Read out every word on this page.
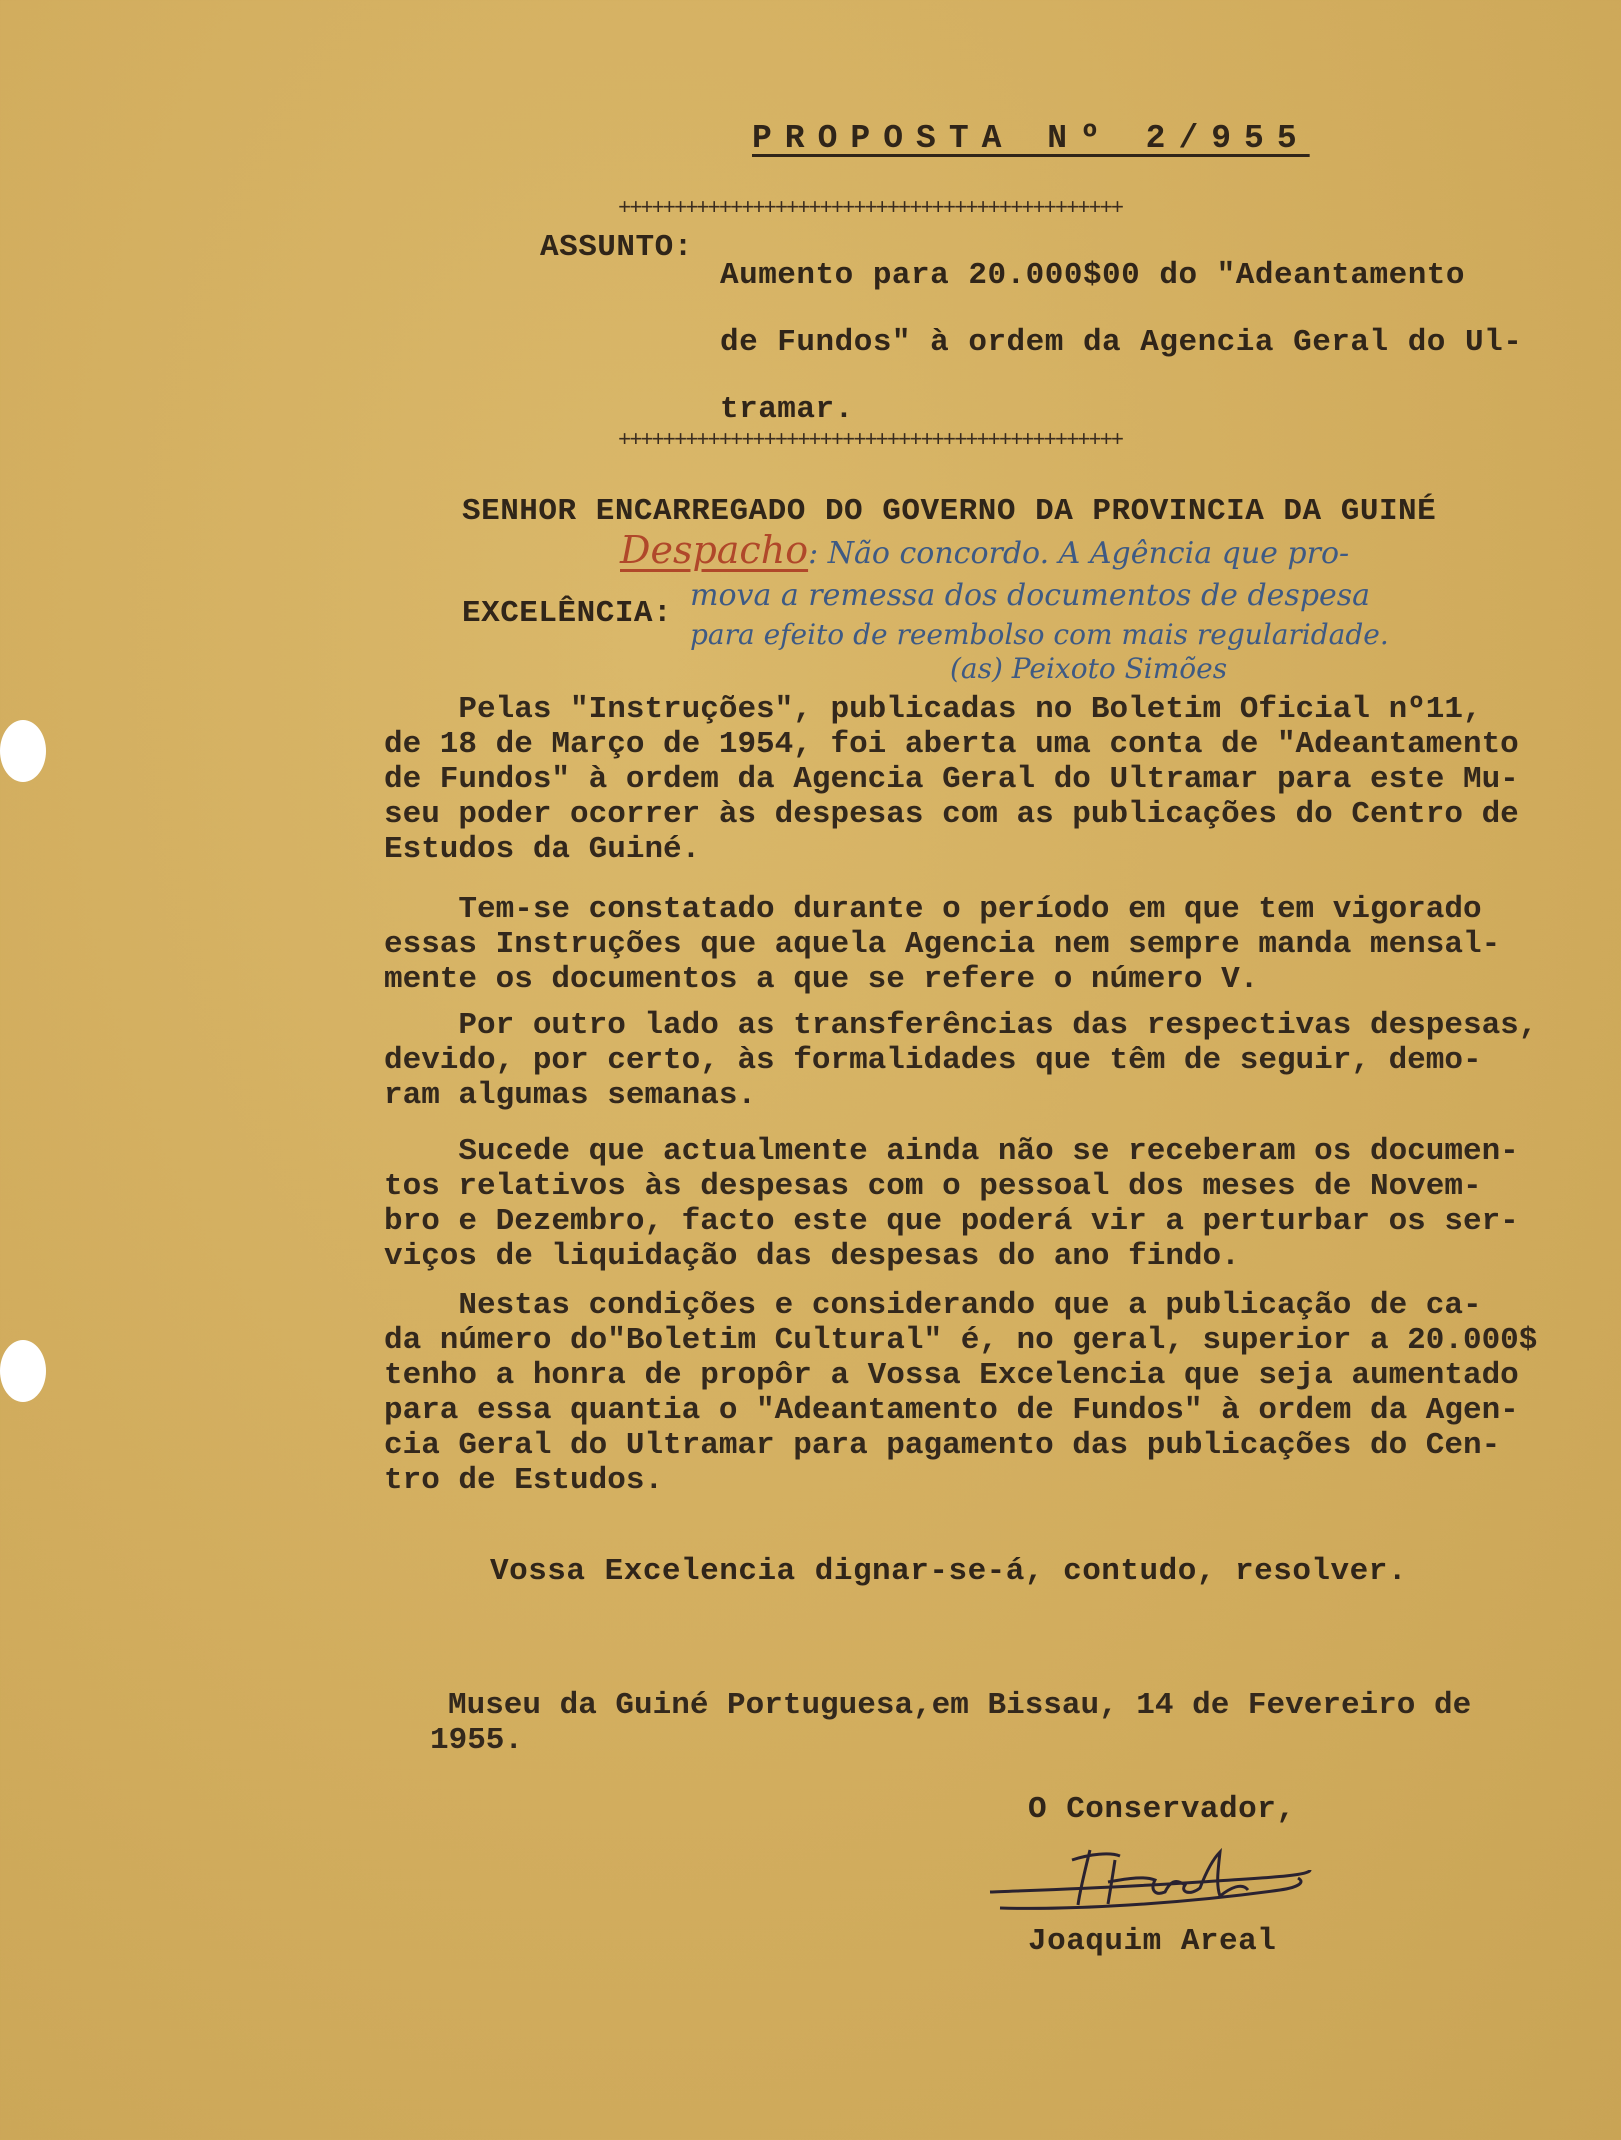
PROPOSTA Nº 2/955
+++++++++++++++++++++++++++++++++++++++++++++
+++++++++++++++++++++++++++++++++++++++++++++
ASSUNTO:
Aumento para 20.000$00 do "Adeantamento
de Fundos" à ordem da Agencia Geral do Ul-
tramar.
SENHOR ENCARREGADO DO GOVERNO DA PROVINCIA DA GUINÉ
EXCELÊNCIA:
Despacho: Não concordo. A Agência que pro-
mova a remessa dos documentos de despesa
para efeito de reembolso com mais regularidade.
(as) Peixoto Simões
Pelas "Instruções", publicadas no Boletim Oficial nº11,
de 18 de Março de 1954, foi aberta uma conta de "Adeantamento
de Fundos" à ordem da Agencia Geral do Ultramar para este Mu-
seu poder ocorrer às despesas com as publicações do Centro de
Estudos da Guiné.
Tem-se constatado durante o período em que tem vigorado
essas Instruções que aquela Agencia nem sempre manda mensal-
mente os documentos a que se refere o número V.
Por outro lado as transferências das respectivas despesas,
devido, por certo, às formalidades que têm de seguir, demo-
ram algumas semanas.
Sucede que actualmente ainda não se receberam os documen-
tos relativos às despesas com o pessoal dos meses de Novem-
bro e Dezembro, facto este que poderá vir a perturbar os ser-
viços de liquidação das despesas do ano findo.
Nestas condições e considerando que a publicação de ca-
da número do"Boletim Cultural" é, no geral, superior a 20.000$
tenho a honra de propôr a Vossa Excelencia que seja aumentado
para essa quantia o "Adeantamento de Fundos" à ordem da Agen-
cia Geral do Ultramar para pagamento das publicações do Cen-
tro de Estudos.
Vossa Excelencia dignar-se-á, contudo, resolver.
Museu da Guiné Portuguesa,em Bissau, 14 de Fevereiro de
1955.
O Conservador,
Joaquim Areal
